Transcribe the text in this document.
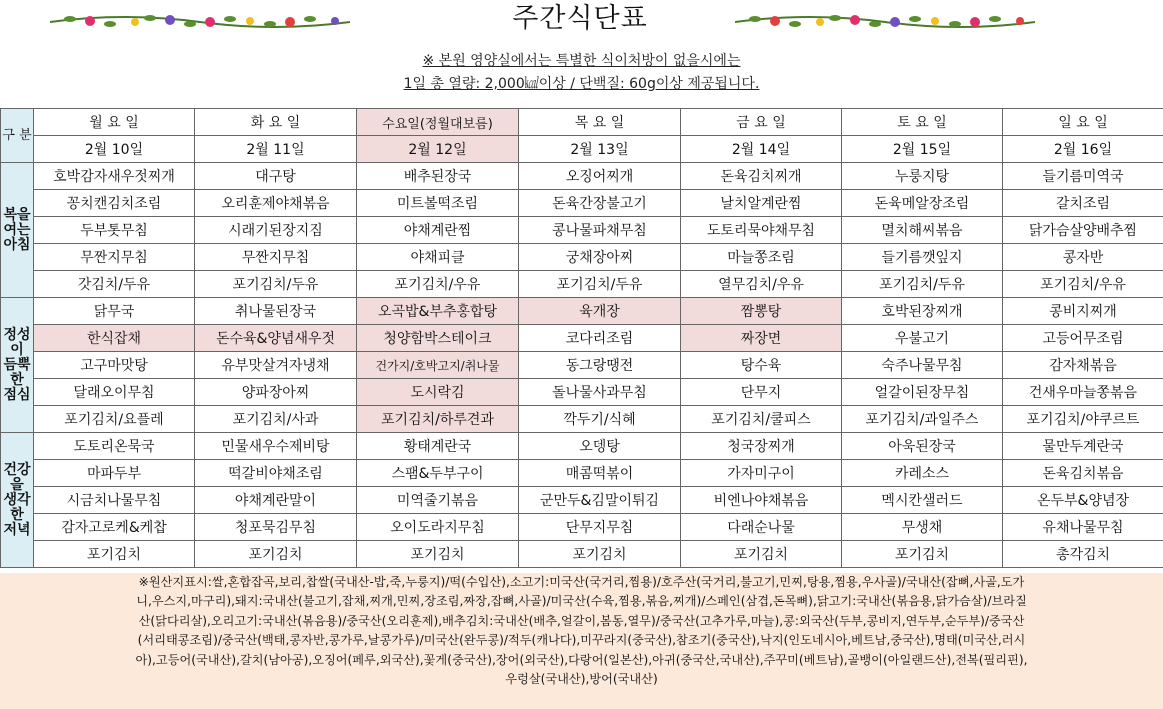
주간식단표
※ 본원 영양실에서는 특별한 식이처방이 없을시에는
1일 총 열량: 2,000㎉이상 / 단백질: 60g이상 제공됩니다.
구 분	월 요 일	화 요 일	수요일(정월대보름)	목 요 일	금 요 일	토 요 일	일 요 일
	2월 10일	2월 11일	2월 12일	2월 13일	2월 14일	2월 15일	2월 16일
복을
여는
아침	호박감자새우젓찌개	대구탕	배추된장국	오징어찌개	돈육김치찌개	누룽지탕	들기름미역국
	꽁치캔김치조림	오리훈제야채볶음	미트볼떡조림	돈육간장불고기	날치알계란찜	돈육메알장조림	갈치조림
	두부톳무침	시래기된장지짐	야채계란찜	콩나물파채무침	도토리묵야채무침	멸치해씨볶음	닭가슴살양배추찜
	무짠지무침	무짠지무침	야채피클	궁채장아찌	마늘쫑조림	들기름깻잎지	콩자반
	갓김치/두유	포기김치/두유	포기김치/우유	포기김치/두유	열무김치/우유	포기김치/두유	포기김치/우유
정성이
듬뿍한
점심	닭무국	취나물된장국	오곡밥&부추홍합탕	육개장	짬뽕탕	호박된장찌개	콩비지찌개
	한식잡채	돈수육&양념새우젓	청양함박스테이크	코다리조림	짜장면	우불고기	고등어무조림
	고구마맛탕	유부맛살겨자냉채	건가지/호박고지/취나물	동그랑땡전	탕수육	숙주나물무침	감자채볶음
	달래오이무침	양파장아찌	도시락김	돌나물사과무침	단무지	얼갈이된장무침	건새우마늘쫑볶음
	포기김치/요플레	포기김치/사과	포기김치/하루견과	깍두기/식혜	포기김치/쿨피스	포기김치/과일주스	포기김치/야쿠르트
건강을
생각한
저녁	도토리온묵국	민물새우수제비탕	황태계란국	오뎅탕	청국장찌개	아욱된장국	물만두계란국
	마파두부	떡갈비야채조림	스팸&두부구이	매콤떡볶이	가자미구이	카레소스	돈육김치볶음
	시금치나물무침	야채계란말이	미역줄기볶음	군만두&김말이튀김	비엔나야채볶음	멕시칸샐러드	온두부&양념장
	감자고로케&케찹	청포묵김무침	오이도라지무침	단무지무침	다래순나물	무생채	유채나물무침
	포기김치	포기김치	포기김치	포기김치	포기김치	포기김치	총각김치
※원산지표시:쌀,혼합잡곡,보리,찹쌀(국내산-밥,죽,누룽지)/떡(수입산),소고기:미국산(국거리,찜용)/호주산(국거리,불고기,민찌,탕용,찜용,우사골)/국내산(잡뼈,사골,도가
니,우스지,마구리),돼지:국내산(불고기,잡채,찌개,민찌,장조림,짜장,잡뼈,사골)/미국산(수육,찜용,볶음,찌개)/스페인(삼겹,돈목뼈),닭고기:국내산(볶음용,닭가슴살)/브라질
산(닭다리살),오리고기:국내산(볶음용)/중국산(오리훈제),배추김치:국내산(배추,얼갈이,봄동,열무)/중국산(고추가루,마늘),콩:외국산(두부,콩비지,연두부,순두부)/중국산
(서리태콩조림)/중국산(백태,콩자반,콩가루,날콩가루)/미국산(완두콩)/적두(캐나다),미꾸라지(중국산),참조기(중국산),낙지(인도네시아,베트남,중국산),명태(미국산,러시
아),고등어(국내산),갈치(남아공),오징어(페루,외국산),꽃게(중국산),장어(외국산),다랑어(일본산),아귀(중국산,국내산),주꾸미(베트남),골뱅이(아일랜드산),전복(필리핀),
우렁살(국내산),방어(국내산)
